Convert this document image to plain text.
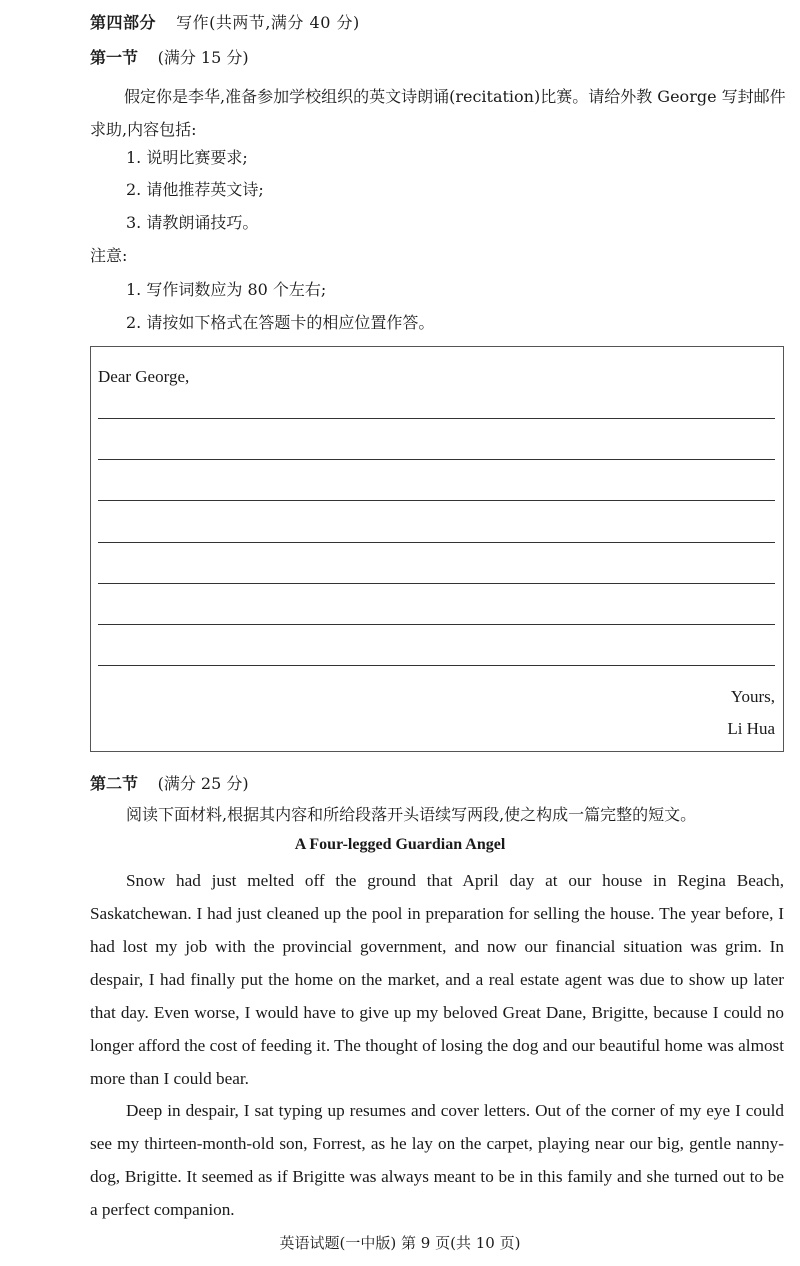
第四部分 写作(共两节,满分 40 分)
第一节 (满分 15 分)
假定你是李华,准备参加学校组织的英文诗朗诵(recitation)比赛。请给外教 George 写封邮件求助,内容包括:
1. 说明比赛要求;
2. 请他推荐英文诗;
3. 请教朗诵技巧。
注意:
1. 写作词数应为 80 个左右;
2. 请按如下格式在答题卡的相应位置作答。
Dear George,
Yours,
Li Hua
第二节 (满分 25 分)
阅读下面材料,根据其内容和所给段落开头语续写两段,使之构成一篇完整的短文。
A Four-legged Guardian Angel
Snow had just melted off the ground that April day at our house in Regina Beach, Saskatchewan. I had just cleaned up the pool in preparation for selling the house. The year before, I had lost my job with the provincial government, and now our financial situation was grim. In despair, I had finally put the home on the market, and a real estate agent was due to show up later that day. Even worse, I would have to give up my beloved Great Dane, Brigitte, because I could no longer afford the cost of feeding it. The thought of losing the dog and our beautiful home was almost more than I could bear.
Deep in despair, I sat typing up resumes and cover letters. Out of the corner of my eye I could see my thirteen-month-old son, Forrest, as he lay on the carpet, playing near our big, gentle nanny-dog, Brigitte. It seemed as if Brigitte was always meant to be in this family and she turned out to be a perfect companion.
英语试题(一中版) 第 9 页(共 10 页)
